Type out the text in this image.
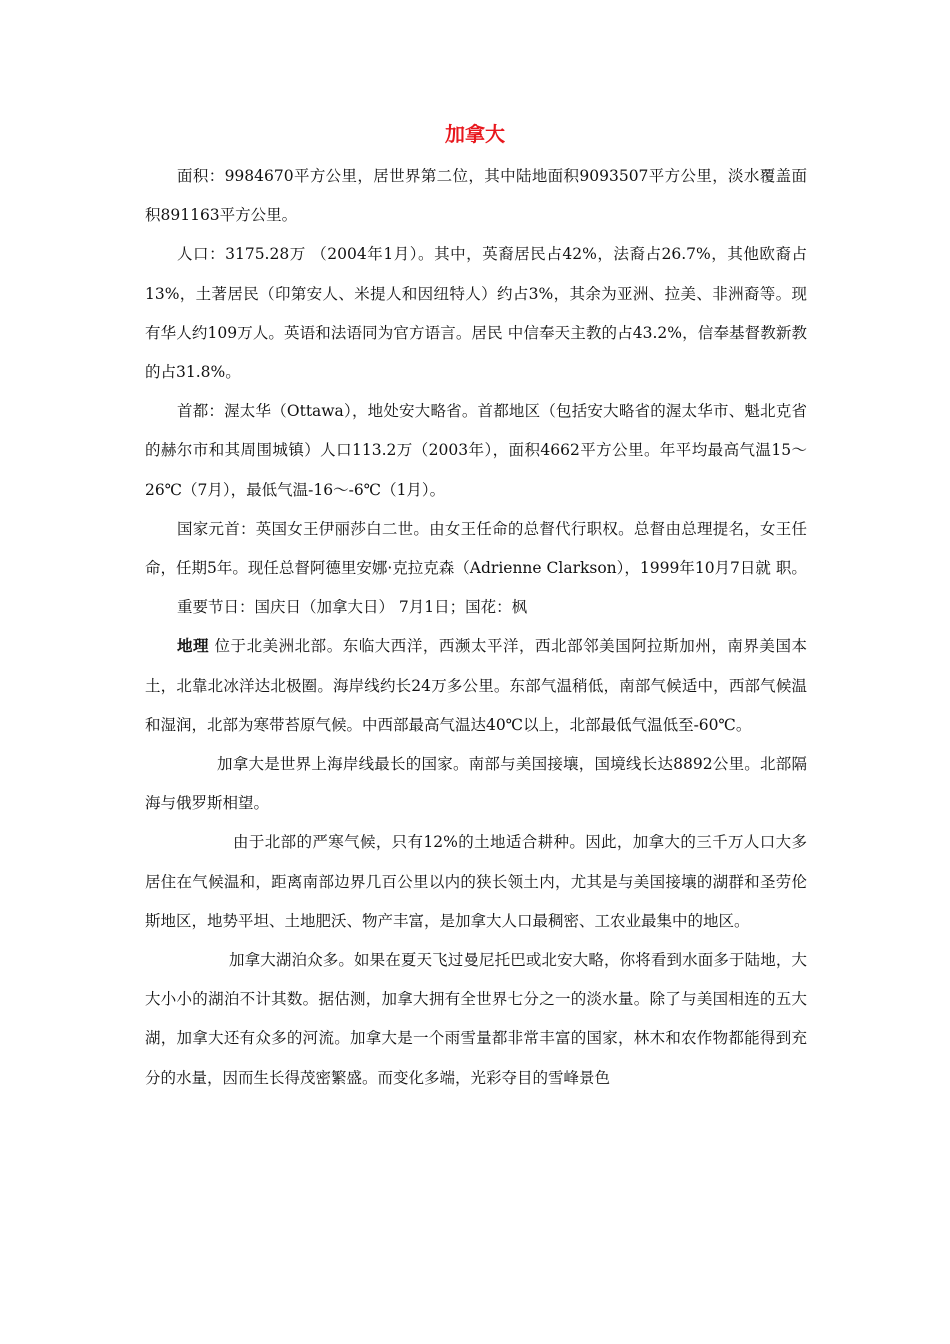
加拿大

面积：9984670平方公里，居世界第二位，其中陆地面积9093507平方公里，淡水覆盖面积891163平方公里。

人口：3175.28万 （2004年1月）。其中，英裔居民占42%，法裔占26.7%，其他欧裔占13%，土著居民（印第安人、米提人和因纽特人）约占3%，其余为亚洲、拉美、非洲裔等。现有华人约109万人。英语和法语同为官方语言。居民 中信奉天主教的占43.2%，信奉基督教新教的占31.8%。

首都：渥太华（Ottawa），地处安大略省。首都地区（包括安大略省的渥太华市、魁北克省的赫尔市和其周围城镇）人口113.2万（2003年），面积4662平方公里。年平均最高气温15～26℃（7月），最低气温-16～-6℃（1月）。

国家元首：英国女王伊丽莎白二世。由女王任命的总督代行职权。总督由总理提名，女王任命，任期5年。现任总督阿德里安娜·克拉克森（Adrienne Clarkson），1999年10月7日就 职。

重要节日：国庆日（加拿大日） 7月1日；国花：枫

地理 位于北美洲北部。东临大西洋，西濒太平洋，西北部邻美国阿拉斯加州，南界美国本土，北靠北冰洋达北极圈。海岸线约长24万多公里。东部气温稍低，南部气候适中，西部气候温和湿润，北部为寒带苔原气候。中西部最高气温达40℃以上，北部最低气温低至-60℃。

加拿大是世界上海岸线最长的国家。南部与美国接壤，国境线长达8892公里。北部隔海与俄罗斯相望。

由于北部的严寒气候，只有12%的土地适合耕种。因此，加拿大的三千万人口大多居住在气候温和，距离南部边界几百公里以内的狭长领土内，尤其是与美国接壤的湖群和圣劳伦斯地区，地势平坦、土地肥沃、物产丰富，是加拿大人口最稠密、工农业最集中的地区。

加拿大湖泊众多。如果在夏天飞过曼尼托巴或北安大略，你将看到水面多于陆地，大大小小的湖泊不计其数。据估测，加拿大拥有全世界七分之一的淡水量。除了与美国相连的五大湖，加拿大还有众多的河流。加拿大是一个雨雪量都非常丰富的国家，林木和农作物都能得到充分的水量，因而生长得茂密繁盛。而变化多端，光彩夺目的雪峰景色
